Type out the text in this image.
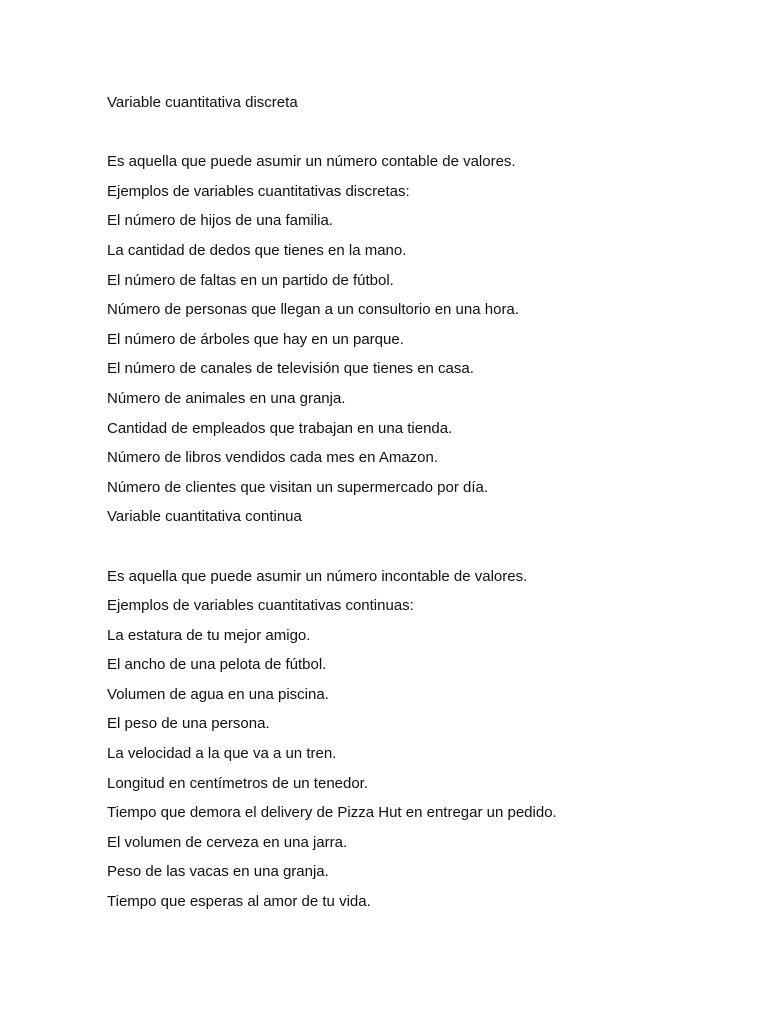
Variable cuantitativa discreta

Es aquella que puede asumir un número contable de valores.

Ejemplos de variables cuantitativas discretas:

El número de hijos de una familia.

La cantidad de dedos que tienes en la mano.

El número de faltas en un partido de fútbol.

Número de personas que llegan a un consultorio en una hora.

El número de árboles que hay en un parque.

El número de canales de televisión que tienes en casa.

Número de animales en una granja.

Cantidad de empleados que trabajan en una tienda.

Número de libros vendidos cada mes en Amazon.

Número de clientes que visitan un supermercado por día.

Variable cuantitativa continua

Es aquella que puede asumir un número incontable de valores.

Ejemplos de variables cuantitativas continuas:

La estatura de tu mejor amigo.

El ancho de una pelota de fútbol.

Volumen de agua en una piscina.

El peso de una persona.

La velocidad a la que va a un tren.

Longitud en centímetros de un tenedor.

Tiempo que demora el delivery de Pizza Hut en entregar un pedido.

El volumen de cerveza en una jarra.

Peso de las vacas en una granja.

Tiempo que esperas al amor de tu vida.
